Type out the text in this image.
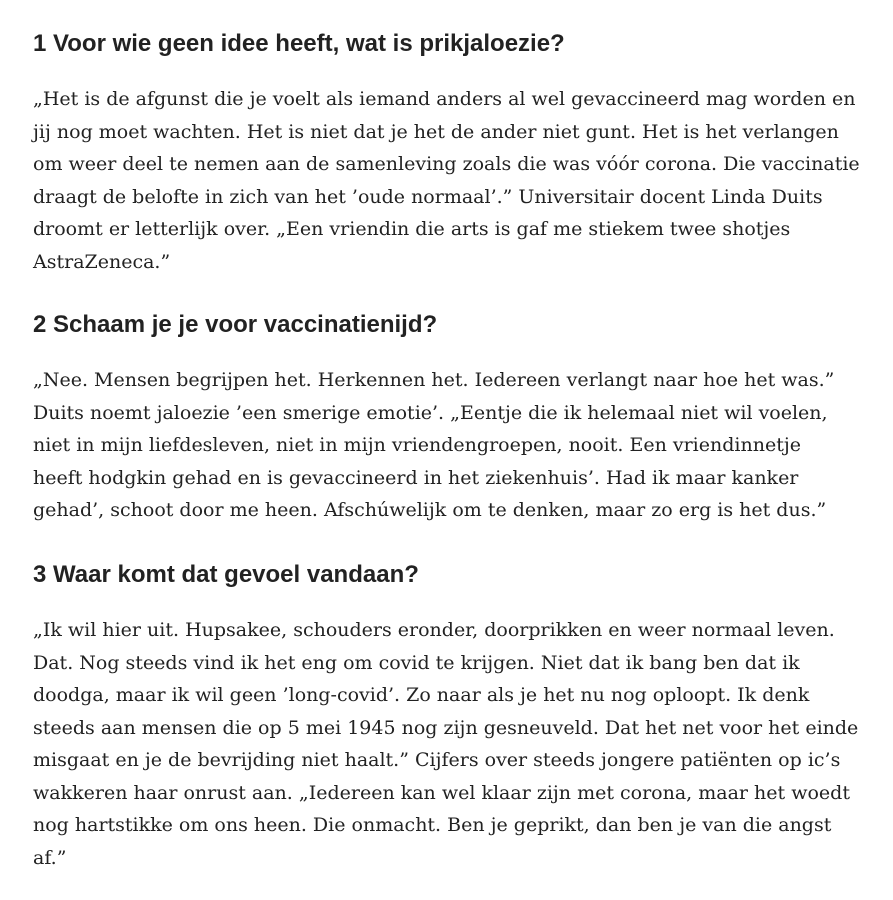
1 Voor wie geen idee heeft, wat is prikjaloezie?
„Het is de afgunst die je voelt als iemand anders al wel gevaccineerd mag worden en
jij nog moet wachten. Het is niet dat je het de ander niet gunt. Het is het verlangen
om weer deel te nemen aan de samenleving zoals die was vóór corona. Die vaccinatie
draagt de belofte in zich van het ’oude normaal’.” Universitair docent Linda Duits
droomt er letterlijk over. „Een vriendin die arts is gaf me stiekem twee shotjes
AstraZeneca.”
2 Schaam je je voor vaccinatienijd?
„Nee. Mensen begrijpen het. Herkennen het. Iedereen verlangt naar hoe het was.”
Duits noemt jaloezie ’een smerige emotie’. „Eentje die ik helemaal niet wil voelen,
niet in mijn liefdesleven, niet in mijn vriendengroepen, nooit. Een vriendinnetje
heeft hodgkin gehad en is gevaccineerd in het ziekenhuis’. Had ik maar kanker
gehad’, schoot door me heen. Afschúwelijk om te denken, maar zo erg is het dus.”
3 Waar komt dat gevoel vandaan?
„Ik wil hier uit. Hupsakee, schouders eronder, doorprikken en weer normaal leven.
Dat. Nog steeds vind ik het eng om covid te krijgen. Niet dat ik bang ben dat ik
doodga, maar ik wil geen ’long-covid’. Zo naar als je het nu nog oploopt. Ik denk
steeds aan mensen die op 5 mei 1945 nog zijn gesneuveld. Dat het net voor het einde
misgaat en je de bevrijding niet haalt.” Cijfers over steeds jongere patiënten op ic’s
wakkeren haar onrust aan. „Iedereen kan wel klaar zijn met corona, maar het woedt
nog hartstikke om ons heen. Die onmacht. Ben je geprikt, dan ben je van die angst
af.”
